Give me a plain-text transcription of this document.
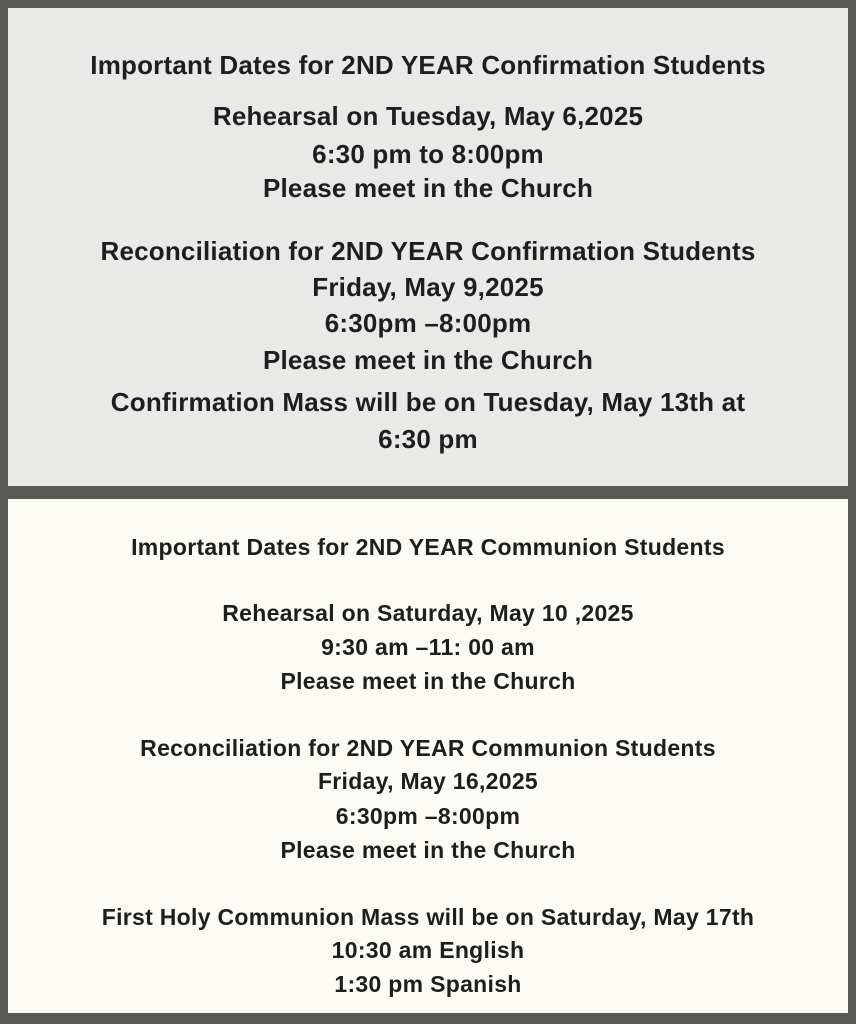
Important Dates for 2ND YEAR Confirmation Students
Rehearsal on Tuesday, May 6,2025
6:30 pm to 8:00pm
Please meet in the Church
Reconciliation for 2ND YEAR Confirmation Students
Friday, May 9,2025
6:30pm –8:00pm
Please meet in the Church
Confirmation Mass will be on Tuesday, May 13th at
6:30 pm
Important Dates for 2ND YEAR Communion Students
Rehearsal on Saturday, May 10 ,2025
9:30 am –11: 00 am
Please meet in the Church
Reconciliation for 2ND YEAR Communion Students
Friday, May 16,2025
6:30pm –8:00pm
Please meet in the Church
First Holy Communion Mass will be on Saturday, May 17th
10:30 am English
1:30 pm Spanish
